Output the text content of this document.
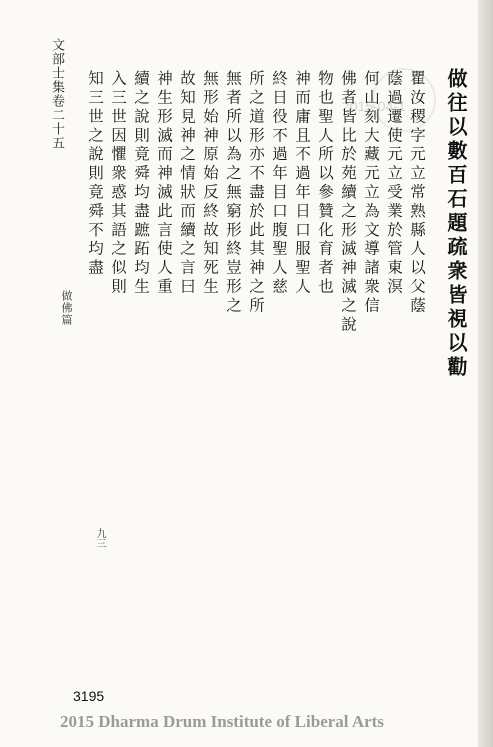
2015-04-1
文部士集卷二十五	做往以數百石題疏衆皆視以勸
做佛篇	瞿汝稷字元立常熟縣人以父蔭
蔭過遷使元立受業於管東溟
何山刻大藏元立為文導諸衆信
佛者皆比於苑續之形滅神滅之說
物也聖人所以參贊化育者也
神而庸且不過年日口服聖人
終日役不過年目口腹聖人慈
所之道形亦不盡於此其神之所
無者所以為之無窮形終豈形之
無形始神原始反終故知死生
故知見神之情狀而續之言曰
神生形滅而神滅此言使人重
續之說則竟舜均盡蹠跖均生
入三世因懼衆惑其語之似則
知三世之說則竟舜不均盡
九三
3195
2015 Dharma Drum Institute of Liberal Arts
